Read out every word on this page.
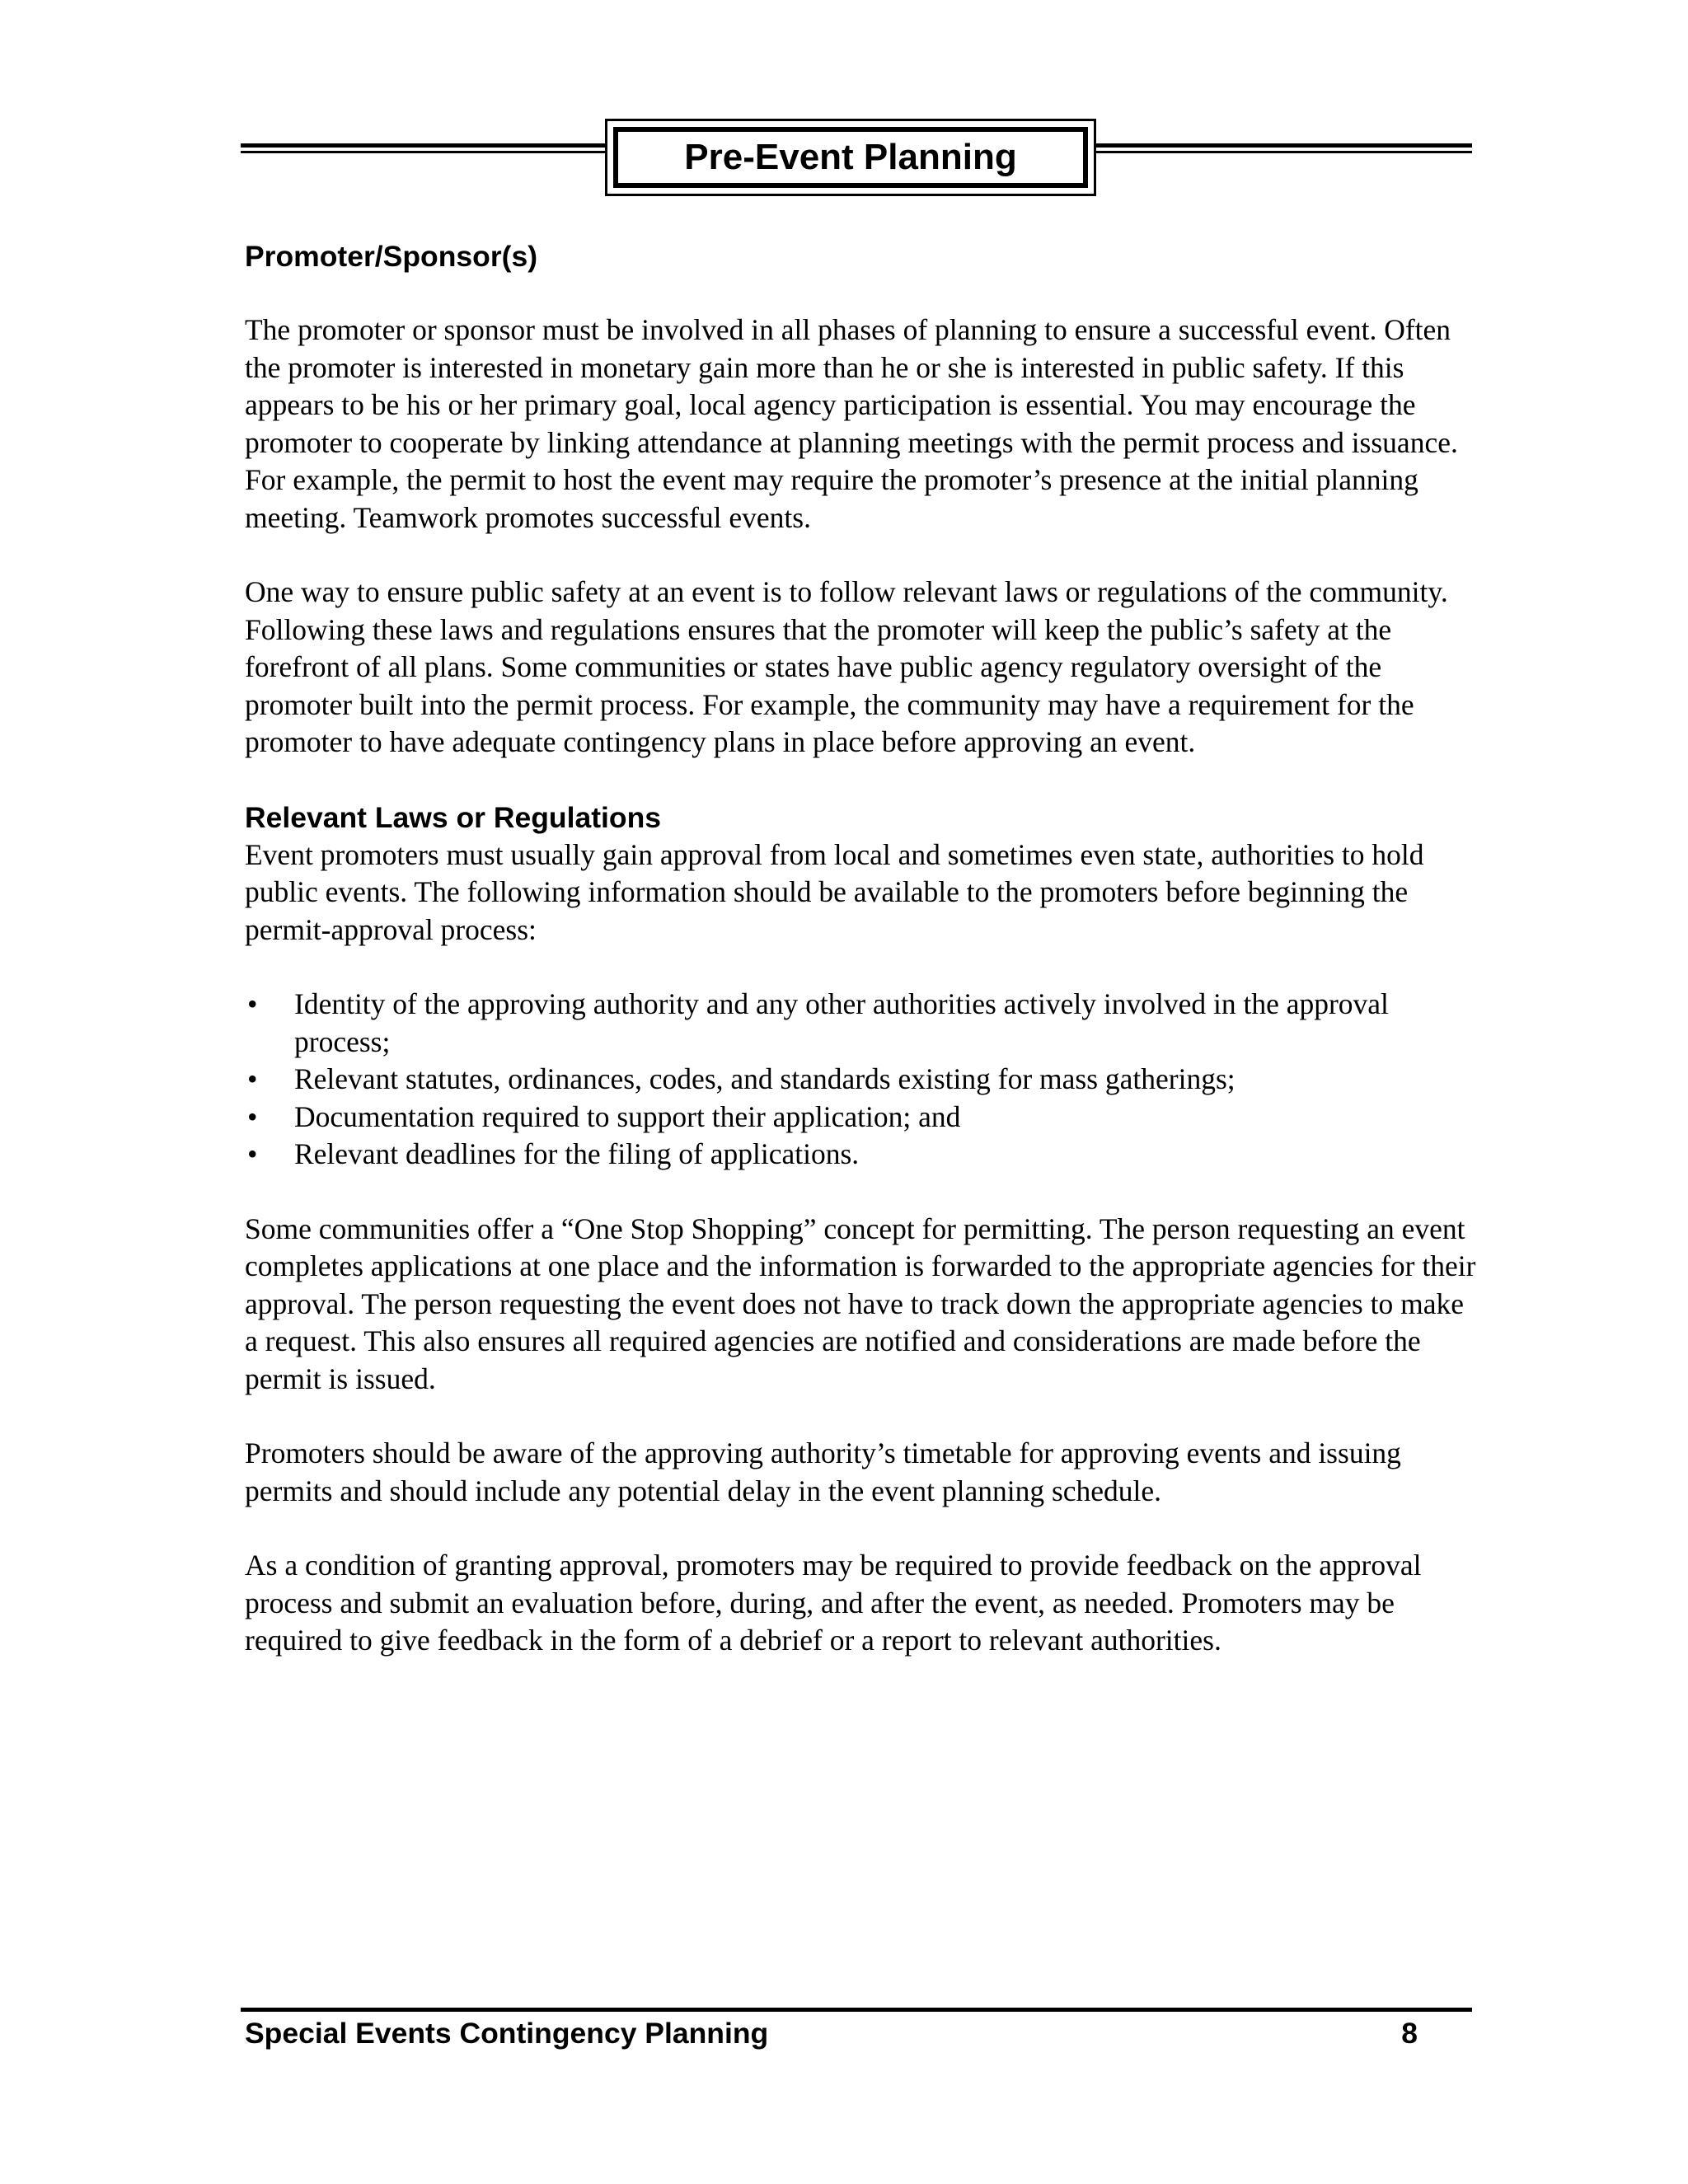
Pre-Event Planning
Promoter/Sponsor(s)

The promoter or sponsor must be involved in all phases of planning to ensure a successful event. Often the promoter is interested in monetary gain more than he or she is interested in public safety. If this appears to be his or her primary goal, local agency participation is essential. You may encourage the promoter to cooperate by linking attendance at planning meetings with the permit process and issuance. For example, the permit to host the event may require the promoter’s presence at the initial planning meeting. Teamwork promotes successful events.

One way to ensure public safety at an event is to follow relevant laws or regulations of the community. Following these laws and regulations ensures that the promoter will keep the public’s safety at the forefront of all plans. Some communities or states have public agency regulatory oversight of the promoter built into the permit process. For example, the community may have a requirement for the promoter to have adequate contingency plans in place before approving an event.

Relevant Laws or Regulations

Event promoters must usually gain approval from local and sometimes even state, authorities to hold public events. The following information should be available to the promoters before beginning the permit-approval process:

• Identity of the approving authority and any other authorities actively involved in the approval process;
• Relevant statutes, ordinances, codes, and standards existing for mass gatherings;
• Documentation required to support their application; and
• Relevant deadlines for the filing of applications.

Some communities offer a “One Stop Shopping” concept for permitting. The person requesting an event completes applications at one place and the information is forwarded to the appropriate agencies for their approval. The person requesting the event does not have to track down the appropriate agencies to make a request. This also ensures all required agencies are notified and considerations are made before the permit is issued.

Promoters should be aware of the approving authority’s timetable for approving events and issuing permits and should include any potential delay in the event planning schedule.

As a condition of granting approval, promoters may be required to provide feedback on the approval process and submit an evaluation before, during, and after the event, as needed. Promoters may be required to give feedback in the form of a debrief or a report to relevant authorities.

Special Events Contingency Planning	8
